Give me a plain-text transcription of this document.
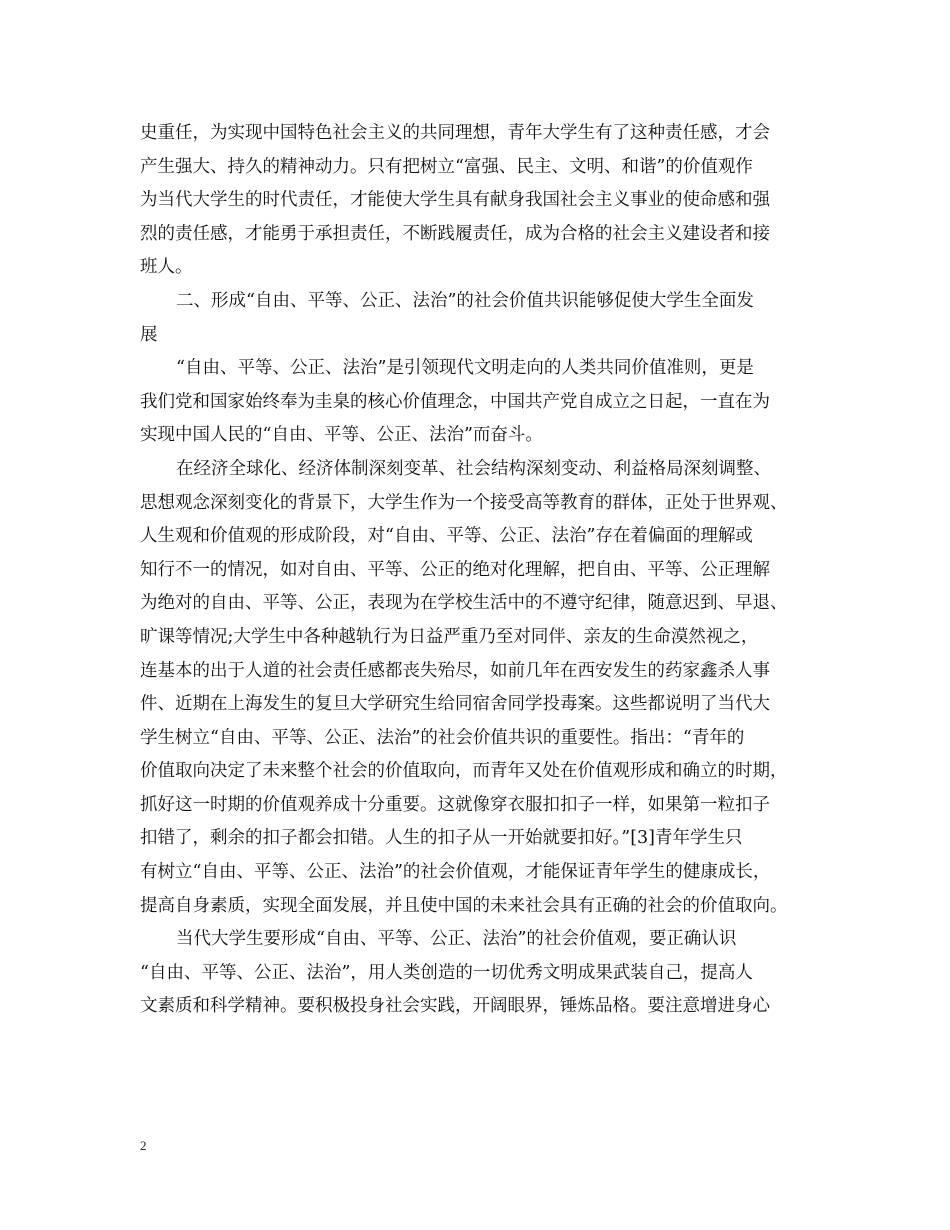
史重任，为实现中国特色社会主义的共同理想，青年大学生有了这种责任感，才会
产生强大、持久的精神动力。只有把树立“富强、民主、文明、和谐”的价值观作
为当代大学生的时代责任，才能使大学生具有献身我国社会主义事业的使命感和强
烈的责任感，才能勇于承担责任，不断践履责任，成为合格的社会主义建设者和接
班人。
二、形成“自由、平等、公正、法治”的社会价值共识能够促使大学生全面发
展
“自由、平等、公正、法治”是引领现代文明走向的人类共同价值准则，更是
我们党和国家始终奉为圭臬的核心价值理念，中国共产党自成立之日起，一直在为
实现中国人民的“自由、平等、公正、法治”而奋斗。
在经济全球化、经济体制深刻变革、社会结构深刻变动、利益格局深刻调整、
思想观念深刻变化的背景下，大学生作为一个接受高等教育的群体，正处于世界观、
人生观和价值观的形成阶段，对“自由、平等、公正、法治”存在着偏面的理解或
知行不一的情况，如对自由、平等、公正的绝对化理解，把自由、平等、公正理解
为绝对的自由、平等、公正，表现为在学校生活中的不遵守纪律，随意迟到、早退、
旷课等情况;大学生中各种越轨行为日益严重乃至对同伴、亲友的生命漠然视之，
连基本的出于人道的社会责任感都丧失殆尽，如前几年在西安发生的药家鑫杀人事
件、近期在上海发生的复旦大学研究生给同宿舍同学投毒案。这些都说明了当代大
学生树立“自由、平等、公正、法治”的社会价值共识的重要性。指出：“青年的
价值取向决定了未来整个社会的价值取向，而青年又处在价值观形成和确立的时期，
抓好这一时期的价值观养成十分重要。这就像穿衣服扣扣子一样，如果第一粒扣子
扣错了，剩余的扣子都会扣错。人生的扣子从一开始就要扣好。”[3]青年学生只
有树立“自由、平等、公正、法治”的社会价值观，才能保证青年学生的健康成长，
提高自身素质，实现全面发展，并且使中国的未来社会具有正确的社会的价值取向。
当代大学生要形成“自由、平等、公正、法治”的社会价值观，要正确认识
“自由、平等、公正、法治”，用人类创造的一切优秀文明成果武装自己，提高人
文素质和科学精神。要积极投身社会实践，开阔眼界，锤炼品格。要注意增进身心
2
